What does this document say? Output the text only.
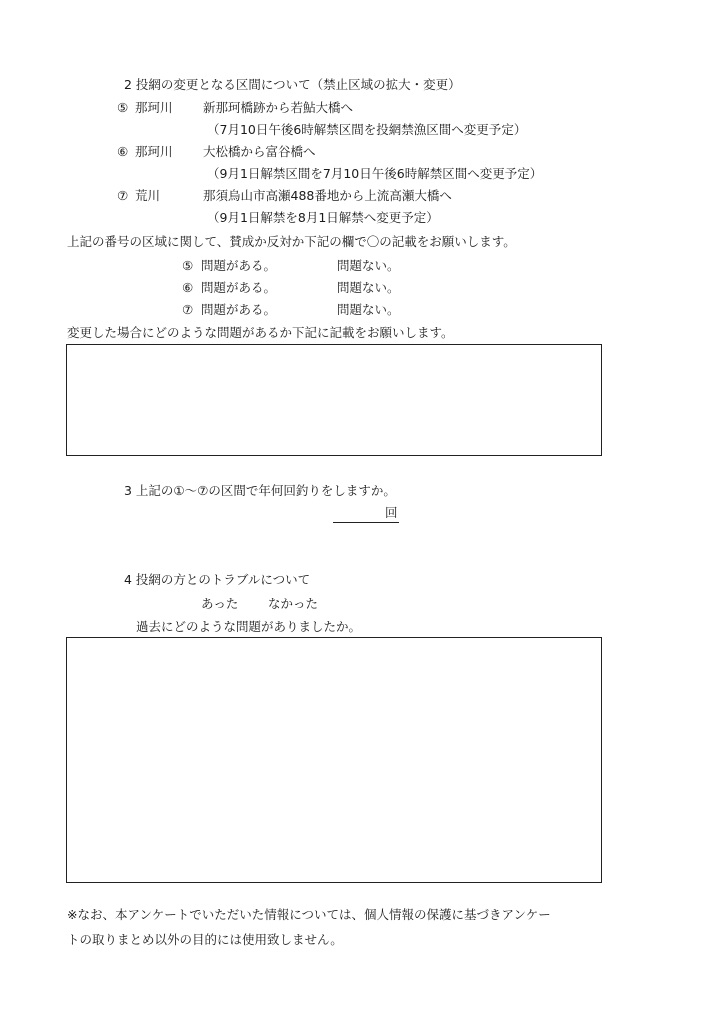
2 投網の変更となる区間について（禁止区域の拡大・変更）
⑤ 那珂川 新那珂橋跡から若鮎大橋へ
（7月10日午後6時解禁区間を投網禁漁区間へ変更予定）
⑥ 那珂川 大松橋から富谷橋へ
（9月1日解禁区間を7月10日午後6時解禁区間へ変更予定）
⑦ 荒川	那須烏山市高瀬488番地から上流高瀬大橋へ
（9月1日解禁を8月1日解禁へ変更予定）
上記の番号の区域に関して、賛成か反対か下記の欄で〇の記載をお願いします。
⑤ 問題がある。	問題ない。
⑥ 問題がある。	問題ない。
⑦ 問題がある。	問題ない。
変更した場合にどのような問題があるか下記に記載をお願いします。
3 上記の①～⑦の区間で年何回釣りをしますか。
回
4 投網の方とのトラブルについて
あった なかった
過去にどのような問題がありましたか。
※なお、本アンケートでいただいた情報については、個人情報の保護に基づきアンケー
トの取りまとめ以外の目的には使用致しません。
